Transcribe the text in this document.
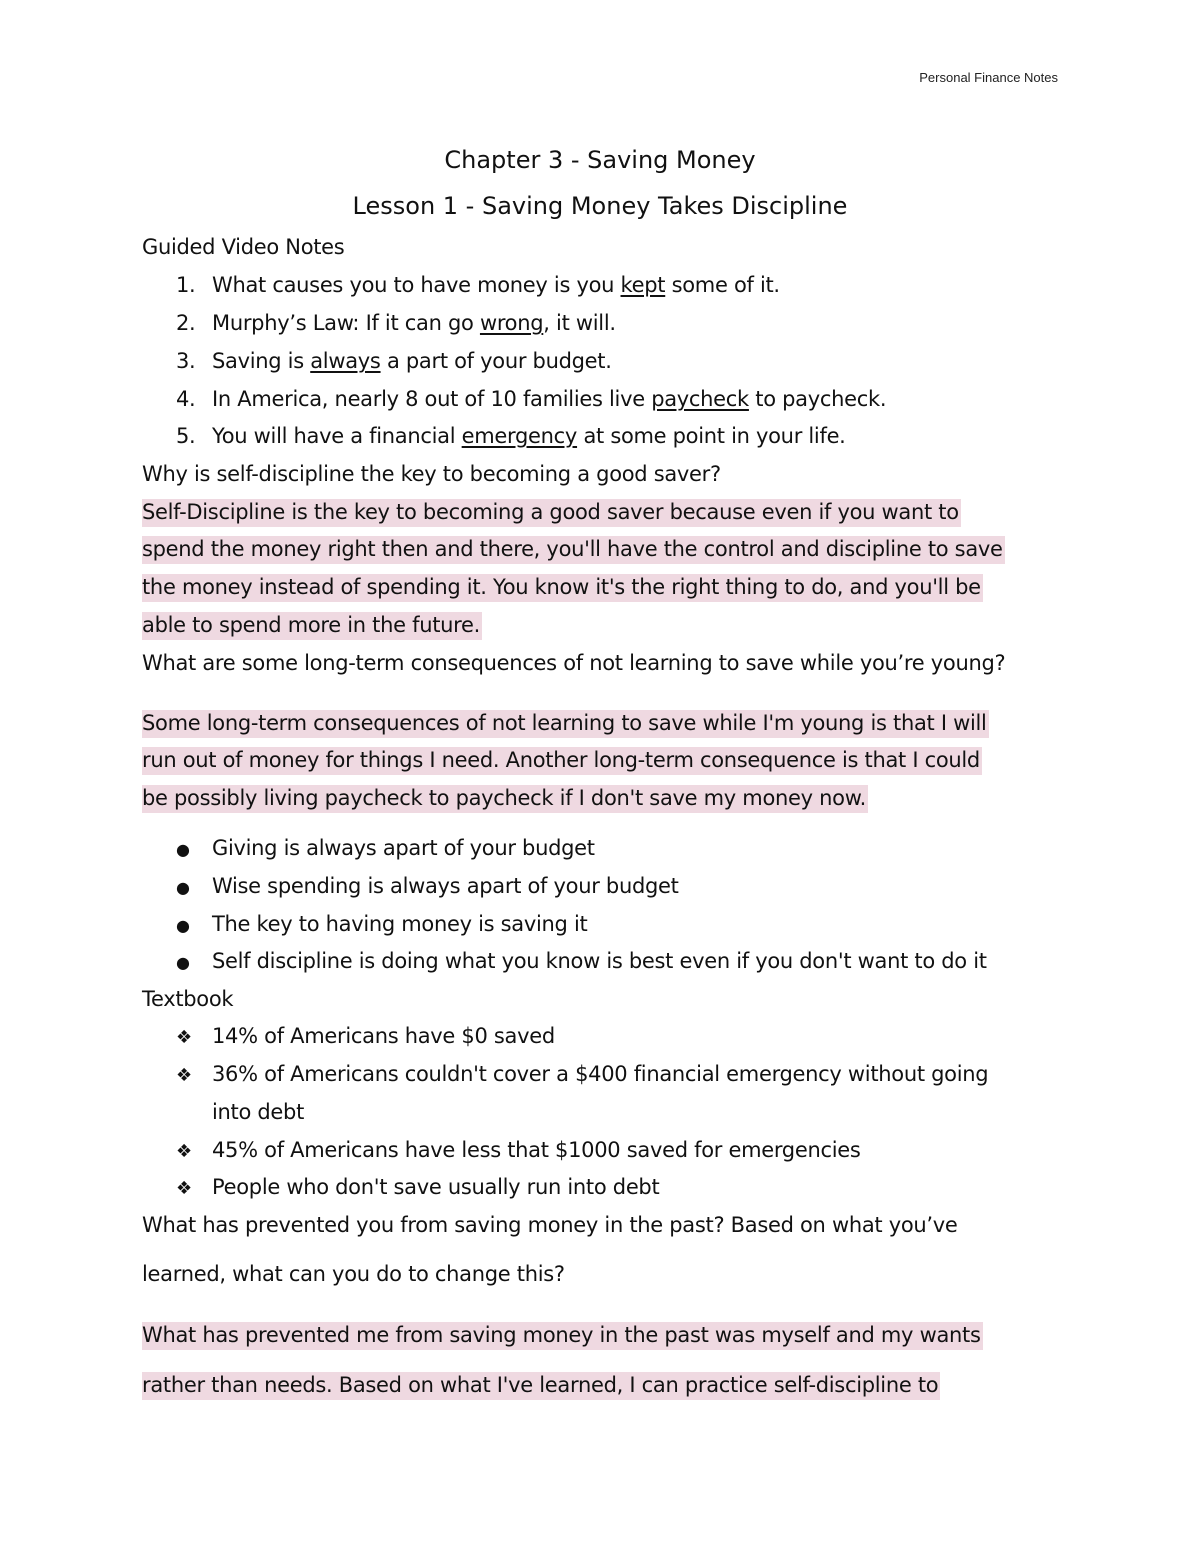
Personal Finance Notes
Chapter 3 - Saving Money
Lesson 1 - Saving Money Takes Discipline
Guided Video Notes
1. What causes you to have money is you kept some of it.
2. Murphy’s Law: If it can go wrong, it will.
3. Saving is always a part of your budget.
4. In America, nearly 8 out of 10 families live paycheck to paycheck.
5. You will have a financial emergency at some point in your life.
Why is self-discipline the key to becoming a good saver?
Self-Discipline is the key to becoming a good saver because even if you want to
spend the money right then and there, you'll have the control and discipline to save
the money instead of spending it. You know it's the right thing to do, and you'll be
able to spend more in the future.
What are some long-term consequences of not learning to save while you’re young?
Some long-term consequences of not learning to save while I'm young is that I will
run out of money for things I need. Another long-term consequence is that I could
be possibly living paycheck to paycheck if I don't save my money now.
● Giving is always apart of your budget
● Wise spending is always apart of your budget
● The key to having money is saving it
● Self discipline is doing what you know is best even if you don't want to do it
Textbook
❖ 14% of Americans have $0 saved
❖ 36% of Americans couldn't cover a $400 financial emergency without going
into debt
❖ 45% of Americans have less that $1000 saved for emergencies
❖ People who don't save usually run into debt
What has prevented you from saving money in the past? Based on what you’ve
learned, what can you do to change this?
What has prevented me from saving money in the past was myself and my wants
rather than needs. Based on what I've learned, I can practice self-discipline to
